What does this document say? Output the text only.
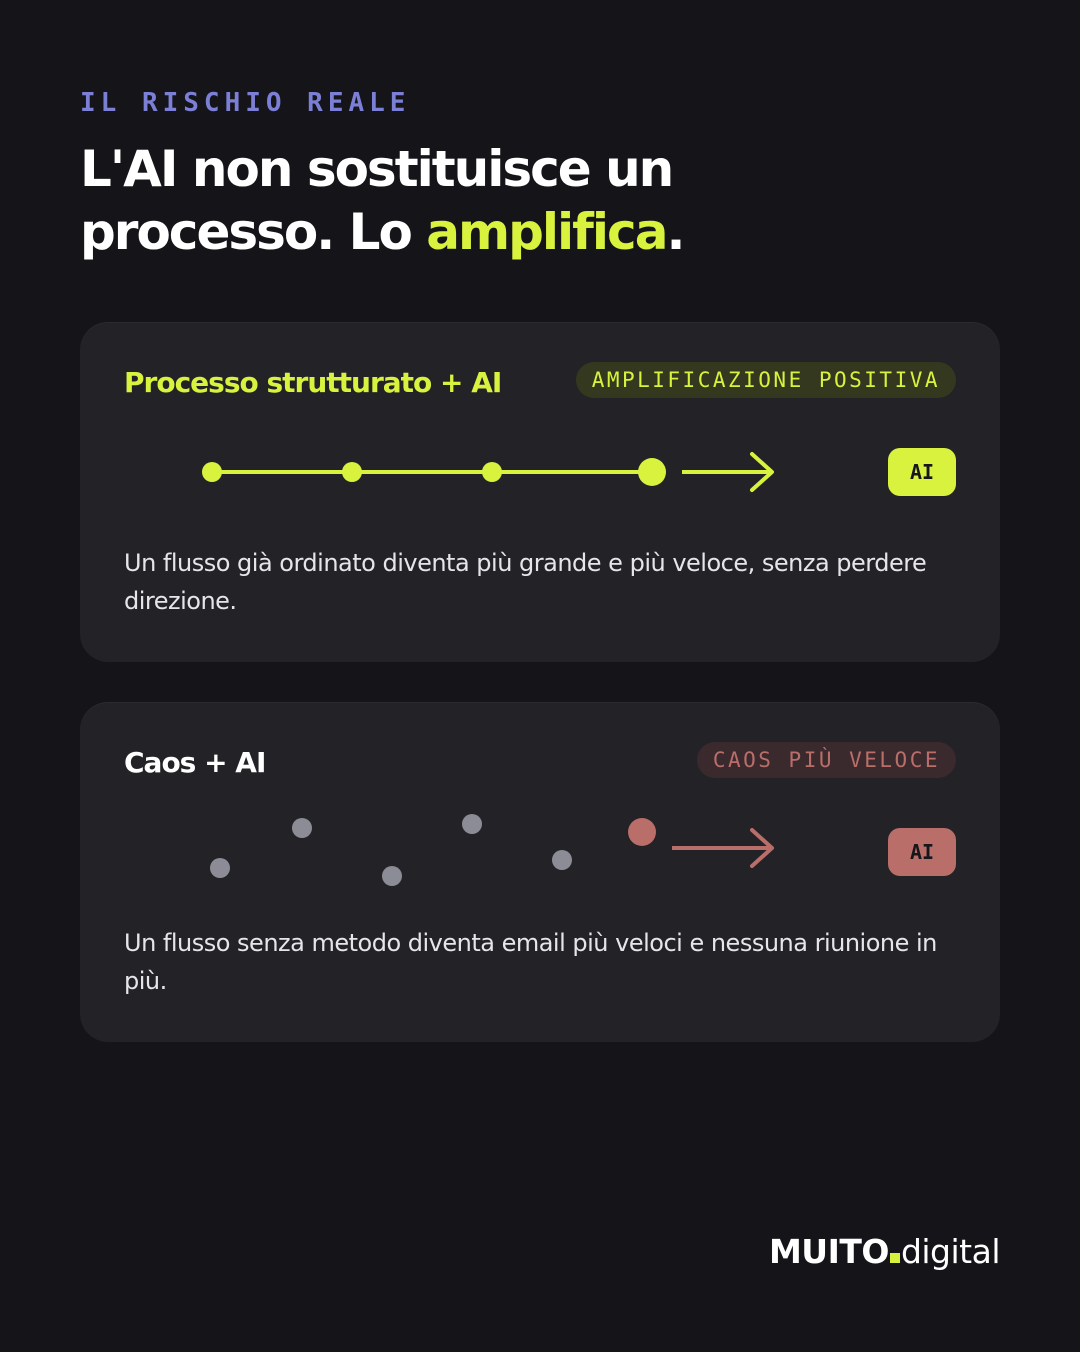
IL RISCHIO REALE
L'AI non sostituisce un
processo. Lo amplifica.
Processo strutturato + AI	AMPLIFICAZIONE POSITIVA
AI
Un flusso già ordinato diventa più grande e più veloce, senza perdere direzione.
Caos + AI	CAOS PIÙ VELOCE
AI
Un flusso senza metodo diventa email più veloci e nessuna riunione in più.
MUITO digital
